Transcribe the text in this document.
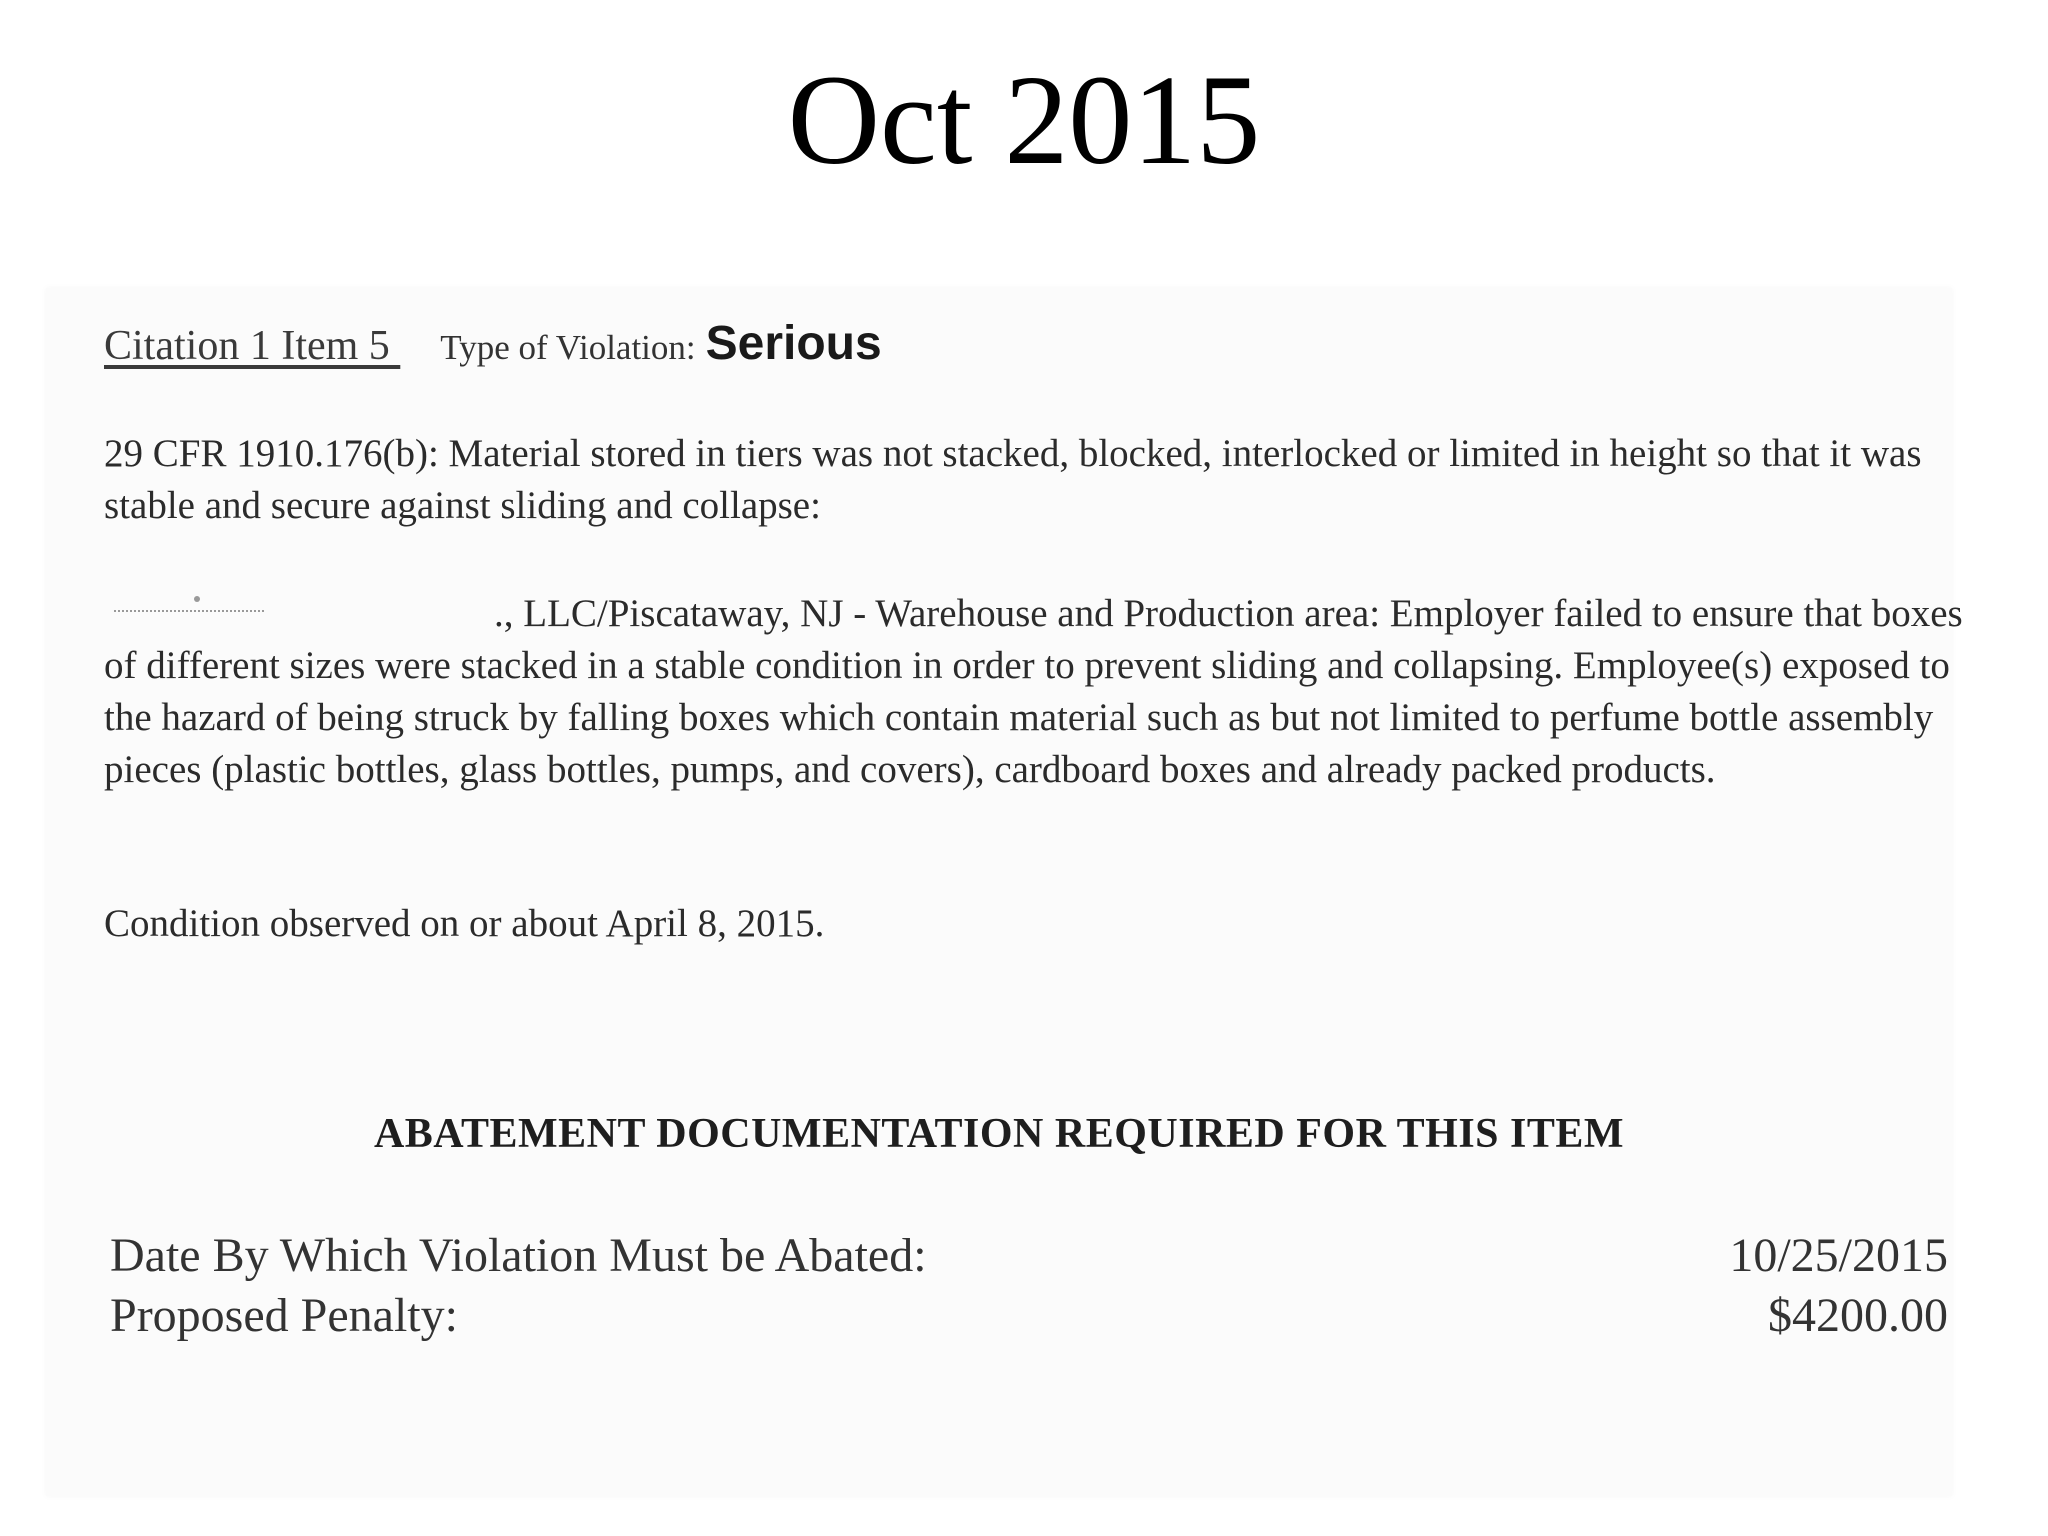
Oct 2015
Citation 1 Item 5 Type of Violation: Serious
29 CFR 1910.176(b): Material stored in tiers was not stacked, blocked, interlocked or limited in height so that it was stable and secure against sliding and collapse:
., LLC/Piscataway, NJ - Warehouse and Production area: Employer failed to ensure that boxes of different sizes were stacked in a stable condition in order to prevent sliding and collapsing. Employee(s) exposed to the hazard of being struck by falling boxes which contain material such as but not limited to perfume bottle assembly pieces (plastic bottles, glass bottles, pumps, and covers), cardboard boxes and already packed products.
Condition observed on or about April 8, 2015.
ABATEMENT DOCUMENTATION REQUIRED FOR THIS ITEM
Date By Which Violation Must be Abated:	10/25/2015
Proposed Penalty:	$4200.00
